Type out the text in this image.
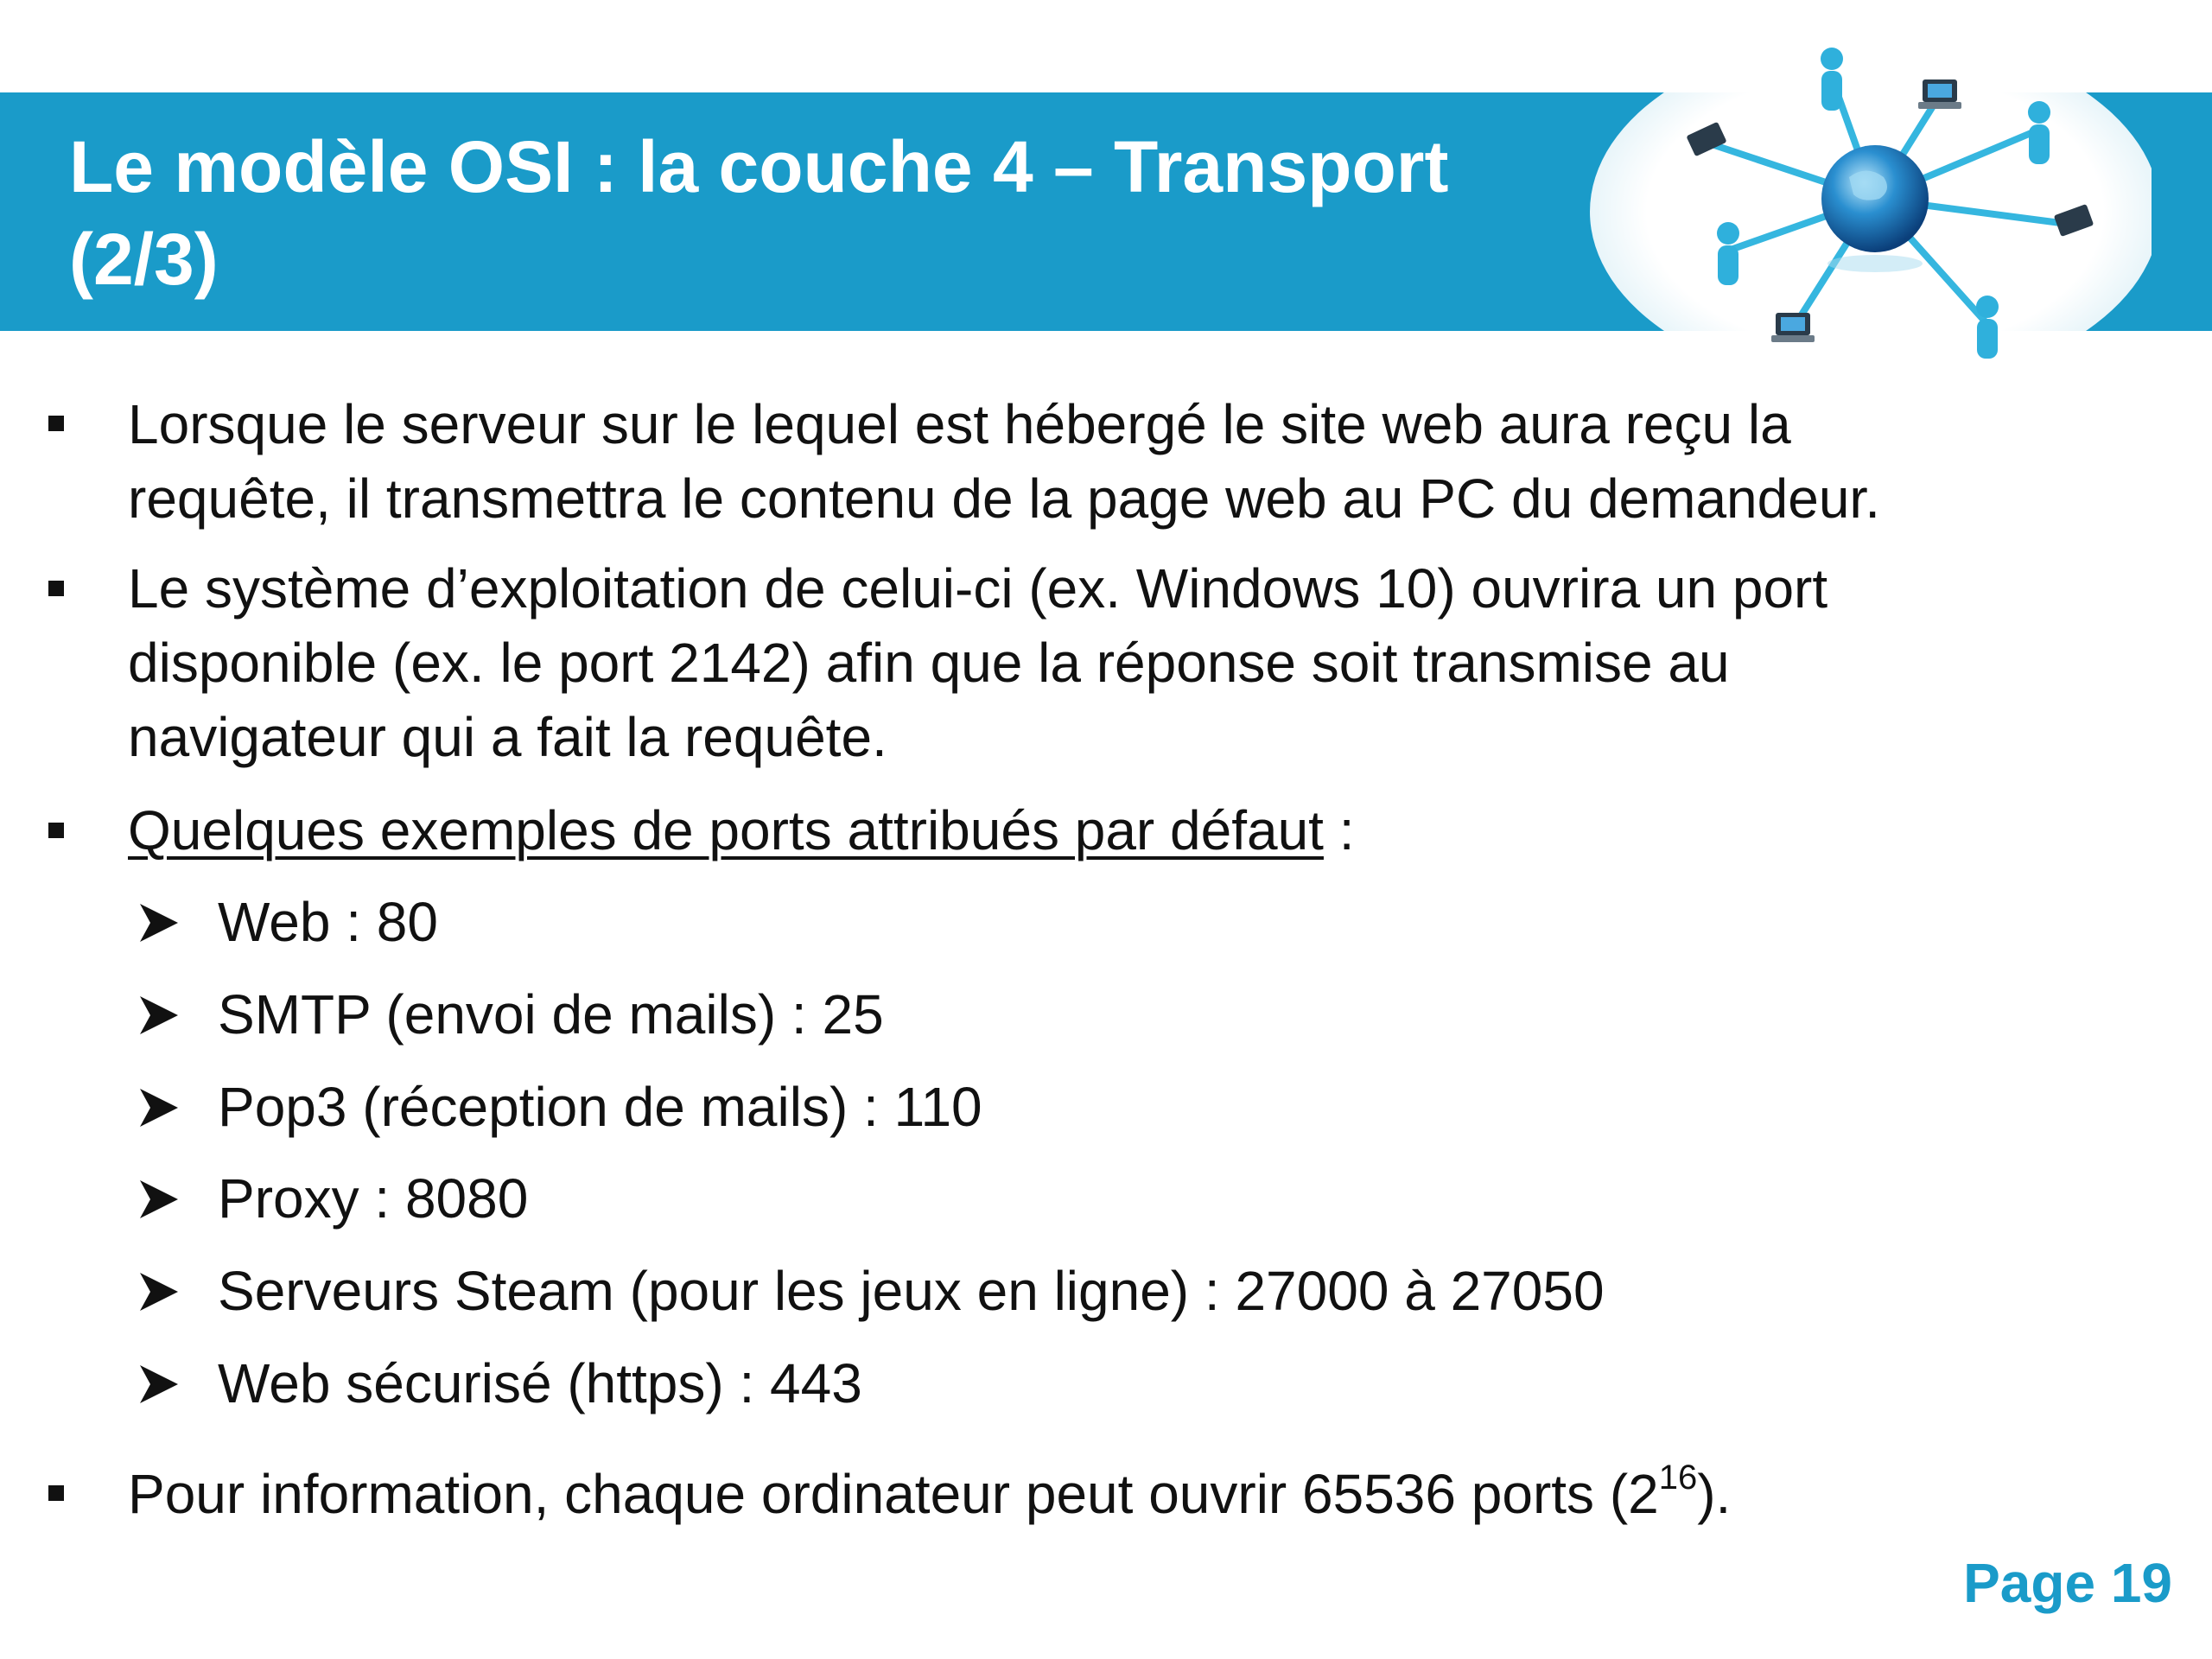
Le modèle OSI : la couche 4 – Transport
(2/3)
Lorsque le serveur sur le lequel est hébergé le site web aura reçu la
requête, il transmettra le contenu de la page web au PC du demandeur.
Le système d’exploitation de celui-ci (ex. Windows 10) ouvrira un port
disponible (ex. le port 2142) afin que la réponse soit transmise au
navigateur qui a fait la requête.
Quelques exemples de ports attribués par défaut :
Web : 80
SMTP (envoi de mails) : 25
Pop3 (réception de mails) : 110
Proxy : 8080
Serveurs Steam (pour les jeux en ligne) : 27000 à 27050
Web sécurisé (https) : 443
Pour information, chaque ordinateur peut ouvrir 65536 ports $(2^{16})$.
Page 19
